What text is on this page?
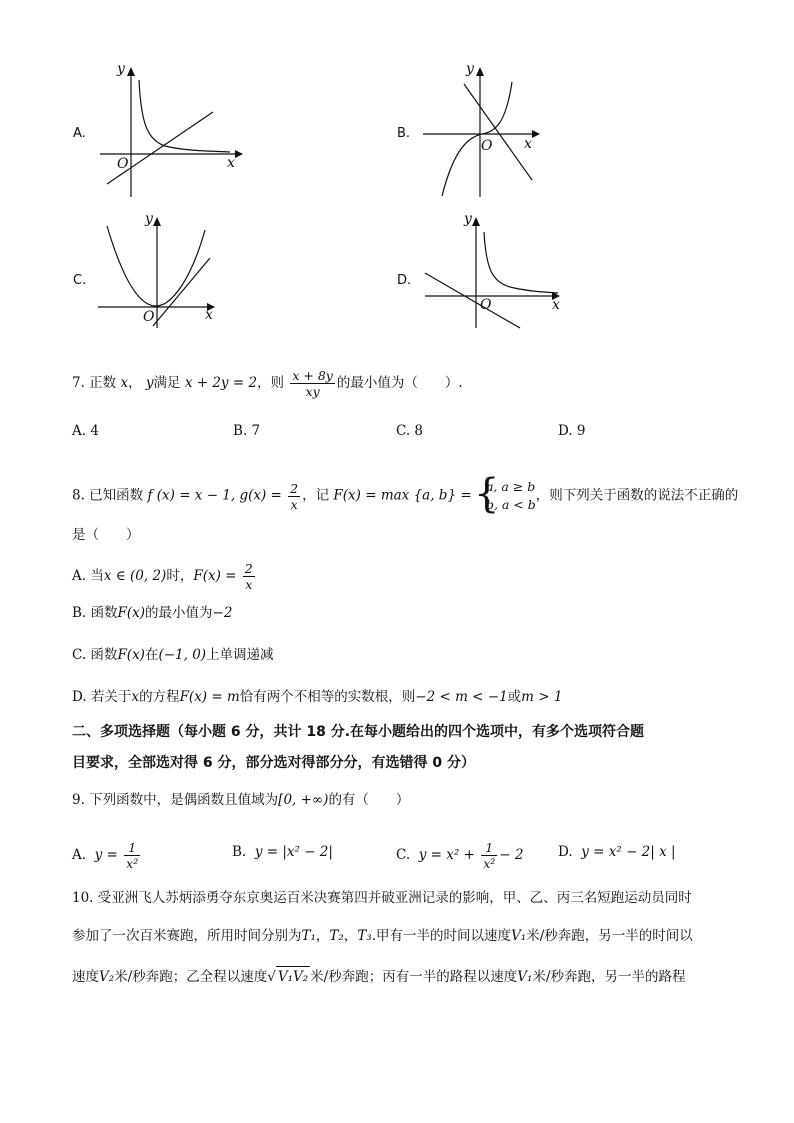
A.
y
x
O
B.
y
x
O
C.
y
x
O
D.
y
x
O
7. 正数 x， y满足 x + 2y = 2，则 $\frac{x + 8y}{xy}$ 的最小值为（　　）.
A. 4	B. 7	C. 8	D. 9
8. 已知函数 f (x) = x − 1, $g(x) = \frac{2}{x}$ ，记 F(x) = max {a, b} = {
a, a ≥ b
b, a < b
，则下列关于函数的说法不正确的
是（　　）
A. 当x ∈ (0, 2)时，$F(x) = \frac{2}{x}$
B. 函数F(x)的最小值为−2
C. 函数F(x)在(−1, 0)上单调递减
D. 若关于x的方程F(x) = m恰有两个不相等的实数根，则−2 < m < −1或m > 1
二、多项选择题（每小题 6 分，共计 18 分.在每小题给出的四个选项中，有多个选项符合题
目要求，全部选对得 6 分，部分选对得部分分，有选错得 0 分）
9. 下列函数中，是偶函数且值域为[0, +∞)的有（　　）
A. $y = \frac{1}{\text{x²}}$	B. y = |x² − 2|	C. $y = x^2 + \frac{1}{\text{x²}} - 2$	D. y = x² − 2| x |
10. 受亚洲飞人苏炳添勇夺东京奥运百米决赛第四并破亚洲记录的影响，甲、乙、丙三名短跑运动员同时
参加了一次百米赛跑，所用时间分别为T₁，T₂，T₃.甲有一半的时间以速度V₁米/秒奔跑，另一半的时间以
速度V₂米/秒奔跑；乙全程以速度√ V₁V₂ 米/秒奔跑；丙有一半的路程以速度V₁米/秒奔跑，另一半的路程
